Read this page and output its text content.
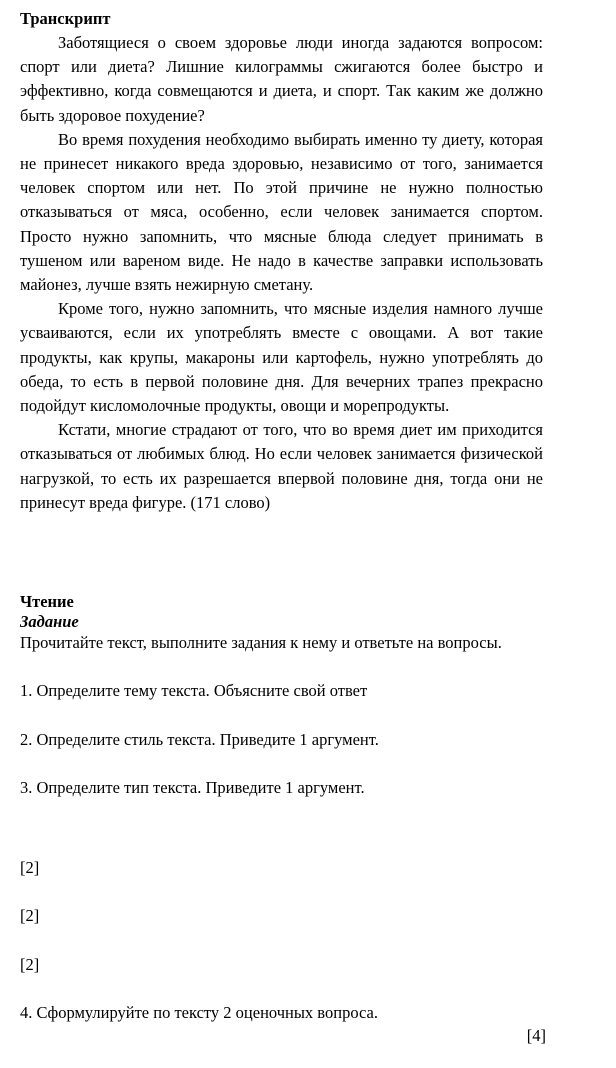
Транскрипт

Заботящиеся о своем здоровье люди иногда задаются вопросом: спорт или диета? Лишние килограммы сжигаются более быстро и эффективно, когда совмещаются и диета, и спорт. Так каким же должно быть здоровое похудение?

Во время похудения необходимо выбирать именно ту диету, которая не принесет никакого вреда здоровью, независимо от того, занимается человек спортом или нет. По этой причине не нужно полностью отказываться от мяса, особенно, если человек занимается спортом. Просто нужно запомнить, что мясные блюда следует принимать в тушеном или вареном виде. Не надо в качестве заправки использовать майонез, лучше взять нежирную сметану.

Кроме того, нужно запомнить, что мясные изделия намного лучше усваиваются, если их употреблять вместе с овощами. А вот такие продукты, как крупы, макароны или картофель, нужно употреблять до обеда, то есть в первой половине дня. Для вечерних трапез прекрасно подойдут кисломолочные продукты, овощи и морепродукты.

Кстати, многие страдают от того, что во время диет им приходится отказываться от любимых блюд. Но если человек занимается физической нагрузкой, то есть их разрешается впервой половине дня, тогда они не принесут вреда фигуре. (171 слово)

Чтение
Задание
Прочитайте текст, выполните задания к нему и ответьте на вопросы.
1. Определите тему текста. Объясните свой ответ
2. Определите стиль текста. Приведите 1 аргумент.
3. Определите тип текста. Приведите 1 аргумент.
[2]
[2]
[2]
4. Сформулируйте по тексту 2 оценочных вопроса.
[4]
